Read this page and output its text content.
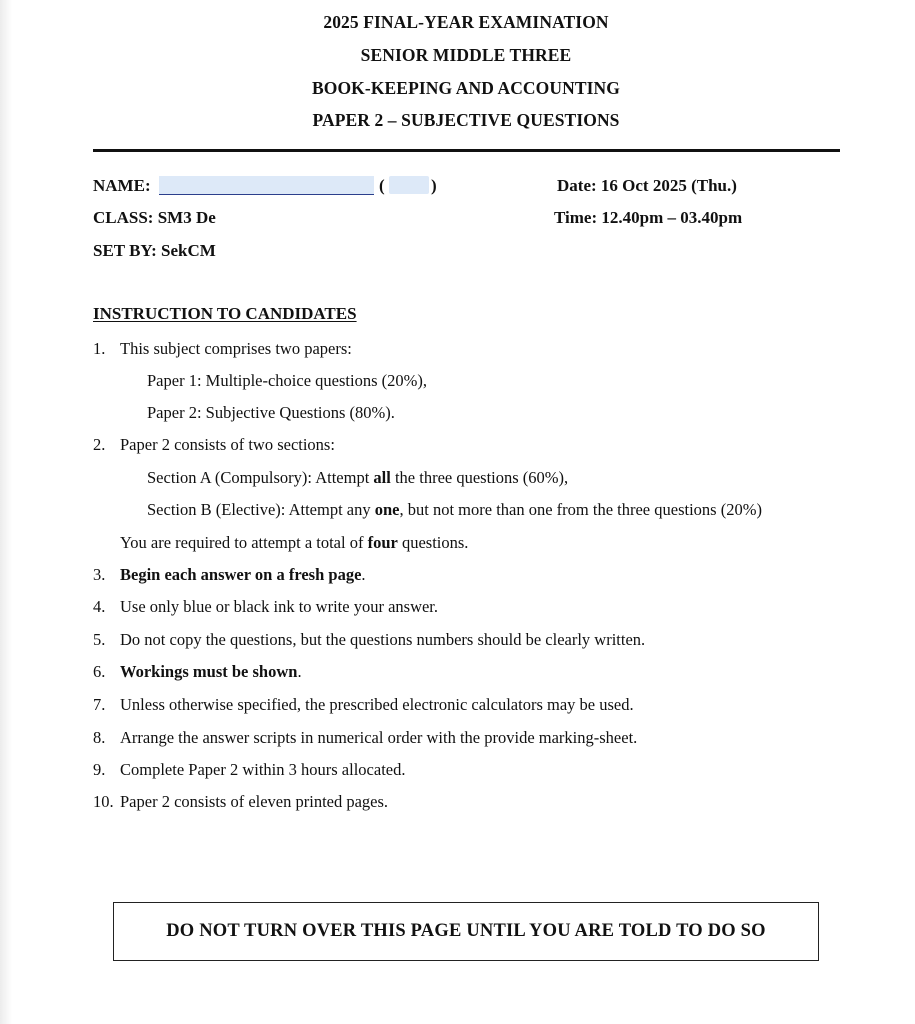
2025 FINAL-YEAR EXAMINATION
SENIOR MIDDLE THREE
BOOK-KEEPING AND ACCOUNTING
PAPER 2 – SUBJECTIVE QUESTIONS
NAME:	(	)	Date: 16 Oct 2025 (Thu.)
CLASS: SM3 De	Time: 12.40pm – 03.40pm
SET BY: SekCM
INSTRUCTION TO CANDIDATES
1. This subject comprises two papers:
Paper 1: Multiple-choice questions (20%),
Paper 2: Subjective Questions (80%).
2. Paper 2 consists of two sections:
Section A (Compulsory): Attempt all the three questions (60%),
Section B (Elective): Attempt any one, but not more than one from the three questions (20%)
You are required to attempt a total of four questions.
3. Begin each answer on a fresh page.
4. Use only blue or black ink to write your answer.
5. Do not copy the questions, but the questions numbers should be clearly written.
6. Workings must be shown.
7. Unless otherwise specified, the prescribed electronic calculators may be used.
8. Arrange the answer scripts in numerical order with the provide marking-sheet.
9. Complete Paper 2 within 3 hours allocated.
10. Paper 2 consists of eleven printed pages.
DO NOT TURN OVER THIS PAGE UNTIL YOU ARE TOLD TO DO SO
